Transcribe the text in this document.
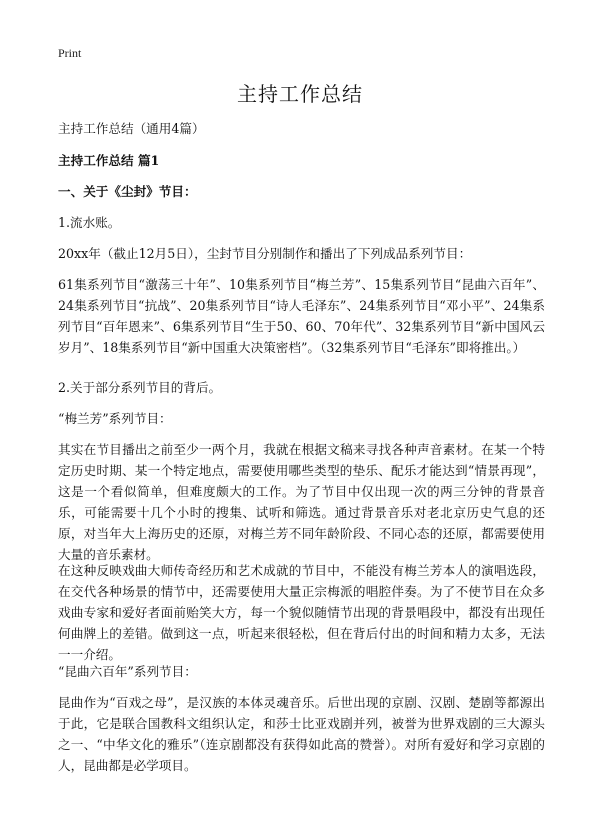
Print
主持工作总结

主持工作总结（通用4篇）

主持工作总结 篇1

一、关于《尘封》节目：

1.流水账。

20xx年（截止12月5日），尘封节目分别制作和播出了下列成品系列节目：

61集系列节目“激荡三十年”、10集系列节目“梅兰芳”、15集系列节目“昆曲六百年”、24集系列节目“抗战”、20集系列节目“诗人毛泽东”、24集系列节目“邓小平”、24集系列节目“百年恩来”、6集系列节目“生于50、60、70年代”、32集系列节目“新中国风云岁月”、18集系列节目“新中国重大决策密档”。（32集系列节目“毛泽东”即将推出。）

2.关于部分系列节目的背后。

“梅兰芳”系列节目：

其实在节目播出之前至少一两个月，我就在根据文稿来寻找各种声音素材。在某一个特定历史时期、某一个特定地点，需要使用哪些类型的垫乐、配乐才能达到“情景再现”，这是一个看似简单，但难度颇大的工作。为了节目中仅出现一次的两三分钟的背景音乐，可能需要十几个小时的搜集、试听和筛选。通过背景音乐对老北京历史气息的还原，对当年大上海历史的还原，对梅兰芳不同年龄阶段、不同心态的还原，都需要使用大量的音乐素材。

在这种反映戏曲大师传奇经历和艺术成就的节目中，不能没有梅兰芳本人的演唱选段，在交代各种场景的情节中，还需要使用大量正宗梅派的唱腔伴奏。为了不使节目在众多戏曲专家和爱好者面前贻笑大方，每一个貌似随情节出现的背景唱段中，都没有出现任何曲牌上的差错。做到这一点，听起来很轻松，但在背后付出的时间和精力太多，无法一一介绍。

“昆曲六百年”系列节目：

昆曲作为“百戏之母”，是汉族的本体灵魂音乐。后世出现的京剧、汉剧、楚剧等都源出于此，它是联合国教科文组织认定，和莎士比亚戏剧并列，被誉为世界戏剧的三大源头之一、“中华文化的雅乐”（连京剧都没有获得如此高的赞誉）。对所有爱好和学习京剧的人，昆曲都是必学项目。
